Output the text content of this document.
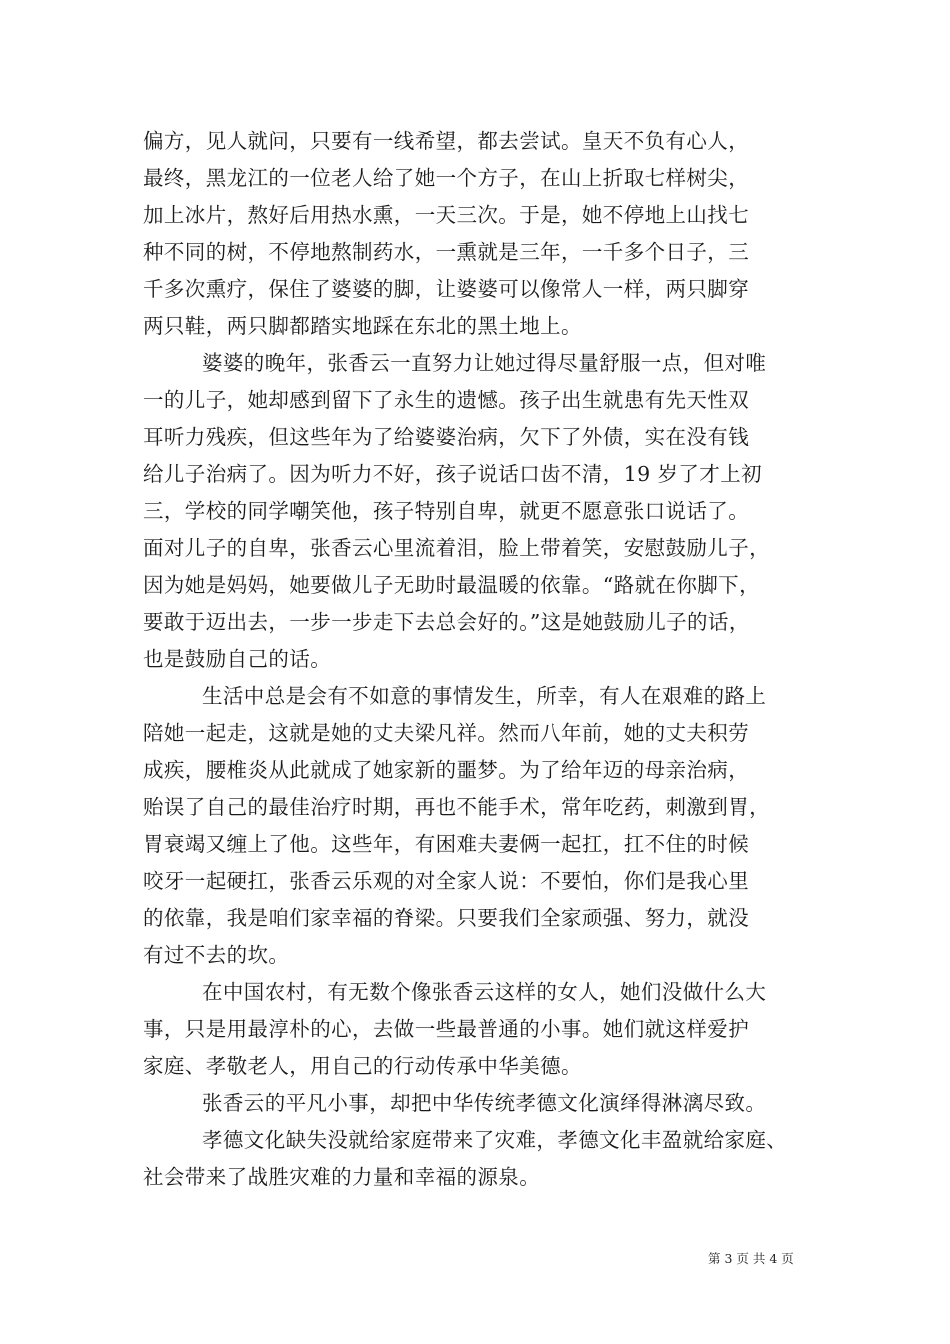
偏方，见人就问，只要有一线希望，都去尝试。皇天不负有心人，
最终，黑龙江的一位老人给了她一个方子，在山上折取七样树尖，
加上冰片，熬好后用热水熏，一天三次。于是，她不停地上山找七
种不同的树，不停地熬制药水，一熏就是三年，一千多个日子，三
千多次熏疗，保住了婆婆的脚，让婆婆可以像常人一样，两只脚穿
两只鞋，两只脚都踏实地踩在东北的黑土地上。
婆婆的晚年，张香云一直努力让她过得尽量舒服一点，但对唯
一的儿子，她却感到留下了永生的遗憾。孩子出生就患有先天性双
耳听力残疾，但这些年为了给婆婆治病，欠下了外债，实在没有钱
给儿子治病了。因为听力不好，孩子说话口齿不清，19 岁了才上初
三，学校的同学嘲笑他，孩子特别自卑，就更不愿意张口说话了。
面对儿子的自卑，张香云心里流着泪，脸上带着笑，安慰鼓励儿子，
因为她是妈妈，她要做儿子无助时最温暖的依靠。“路就在你脚下，
要敢于迈出去，一步一步走下去总会好的。”这是她鼓励儿子的话，
也是鼓励自己的话。
生活中总是会有不如意的事情发生，所幸，有人在艰难的路上
陪她一起走，这就是她的丈夫梁凡祥。然而八年前，她的丈夫积劳
成疾，腰椎炎从此就成了她家新的噩梦。为了给年迈的母亲治病，
贻误了自己的最佳治疗时期，再也不能手术，常年吃药，刺激到胃，
胃衰竭又缠上了他。这些年，有困难夫妻俩一起扛，扛不住的时候
咬牙一起硬扛，张香云乐观的对全家人说：不要怕，你们是我心里
的依靠，我是咱们家幸福的脊梁。只要我们全家顽强、努力，就没
有过不去的坎。
在中国农村，有无数个像张香云这样的女人，她们没做什么大
事，只是用最淳朴的心，去做一些最普通的小事。她们就这样爱护
家庭、孝敬老人，用自己的行动传承中华美德。
张香云的平凡小事，却把中华传统孝德文化演绎得淋漓尽致。
孝德文化缺失没就给家庭带来了灾难，孝德文化丰盈就给家庭、
社会带来了战胜灾难的力量和幸福的源泉。
第 3 页 共 4 页
